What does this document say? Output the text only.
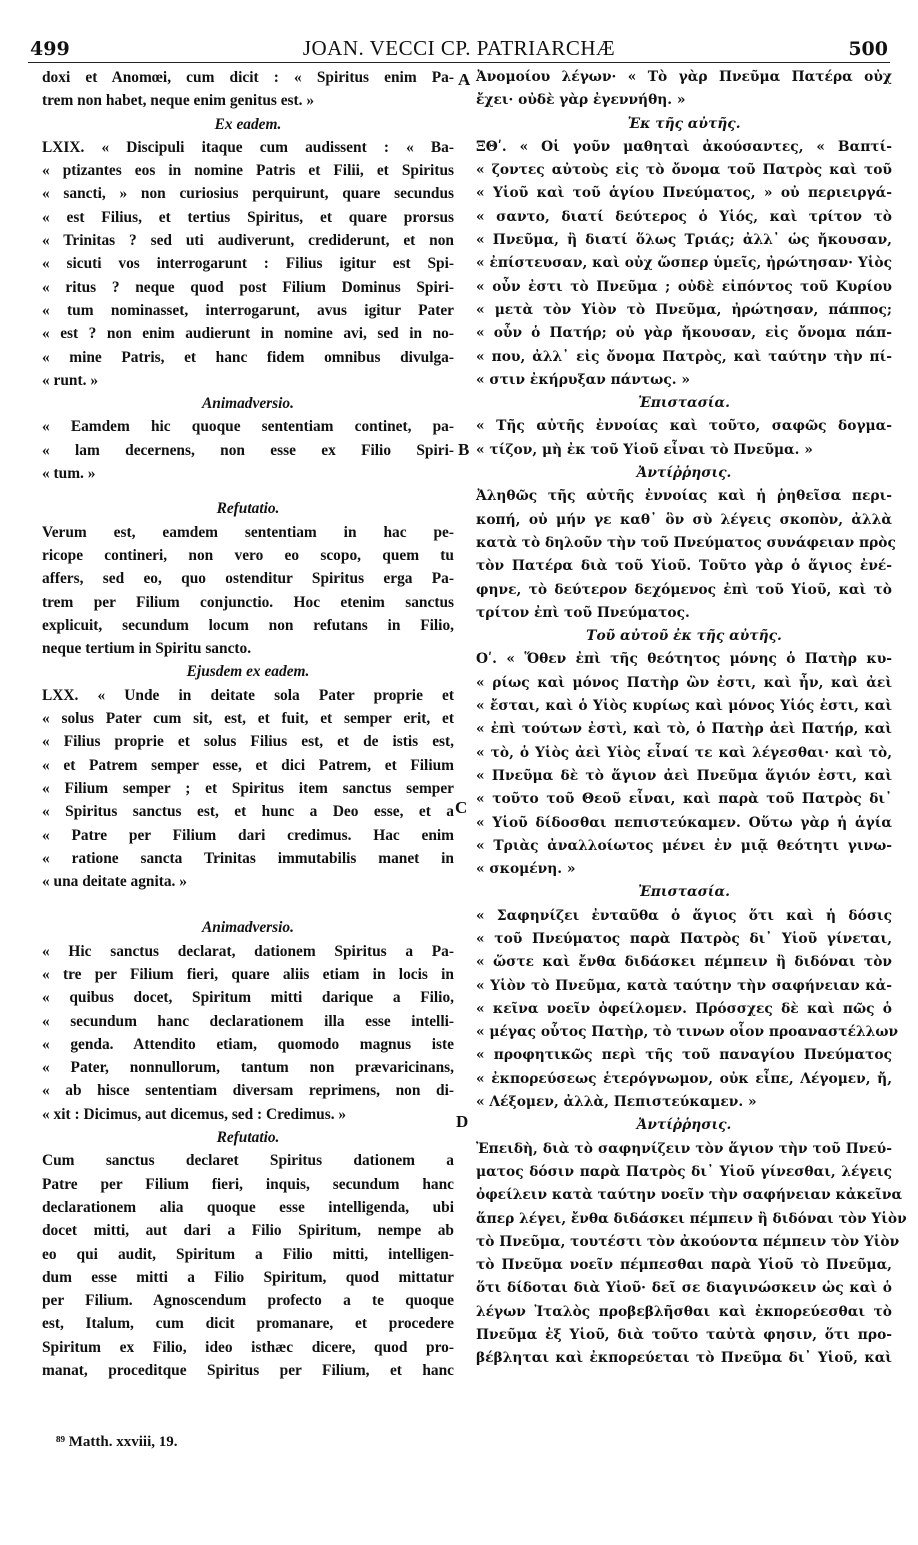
499	JOAN. VECCI CP. PATRIARCHÆ	500
doxi et Anomœi, cum dicit : « Spiritus enim Pa-
trem non habet, neque enim genitus est. »
Ex eadem.
LXIX. « Discipuli itaque cum audissent : « Ba-
« ptizantes eos in nomine Patris et Filii, et Spiritus
« sancti, » non curiosius perquirunt, quare secundus
« est Filius, et tertius Spiritus, et quare prorsus
« Trinitas ? sed uti audiverunt, crediderunt, et non
« sicuti vos interrogarunt : Filius igitur est Spi-
« ritus ? neque quod post Filium Dominus Spiri-
« tum nominasset, interrogarunt, avus igitur Pater
« est ? non enim audierunt in nomine avi, sed in no-
« mine Patris, et hanc fidem omnibus divulga-
« runt. »
Animadversio.
« Eamdem hic quoque sententiam continet, pa-
« lam decernens, non esse ex Filio Spiri-
« tum. »
Refutatio.
Verum est, eamdem sententiam in hac pe-
ricope contineri, non vero eo scopo, quem tu
affers, sed eo, quo ostenditur Spiritus erga Pa-
trem per Filium conjunctio. Hoc etenim sanctus
explicuit, secundum locum non refutans in Filio,
neque tertium in Spiritu sancto.
Ejusdem ex eadem.
LXX. « Unde in deitate sola Pater proprie et
« solus Pater cum sit, est, et fuit, et semper erit, et
« Filius proprie et solus Filius est, et de istis est,
« et Patrem semper esse, et dici Patrem, et Filium
« Filium semper ; et Spiritus item sanctus semper
« Spiritus sanctus est, et hunc a Deo esse, et a
« Patre per Filium dari credimus. Hac enim
« ratione sancta Trinitas immutabilis manet in
« una deitate agnita. »
Animadversio.
« Hic sanctus declarat, dationem Spiritus a Pa-
« tre per Filium fieri, quare aliis etiam in locis in
« quibus docet, Spiritum mitti darique a Filio,
« secundum hanc declarationem illa esse intelli-
« genda. Attendito etiam, quomodo magnus iste
« Pater, nonnullorum, tantum non prævaricinans,
« ab hisce sententiam diversam reprimens, non di-
« xit : Dicimus, aut dicemus, sed : Credimus. »
Refutatio.
Cum sanctus declaret Spiritus dationem a
Patre per Filium fieri, inquis, secundum hanc
declarationem alia quoque esse intelligenda, ubi
docet mitti, aut dari a Filio Spiritum, nempe ab
eo qui audit, Spiritum a Filio mitti, intelligen-
dum esse mitti a Filio Spiritum, quod mittatur
per Filium. Agnoscendum profecto a te quoque
est, Italum, cum dicit promanare, et procedere
Spiritum ex Filio, ideo isthæc dicere, quod pro-
manat, proceditque Spiritus per Filium, et hanc
Ἀνομοίου λέγων· « Τὸ γὰρ Πνεῦμα Πατέρα οὐχ
ἔχει· οὐδὲ γὰρ ἐγεννήθη. »
Ἐκ τῆς αὐτῆς.
ΞΘʹ. « Οἱ γοῦν μαθηταὶ ἀκούσαντες, « Βαπτί-
« ζοντες αὐτοὺς εἰς τὸ ὄνομα τοῦ Πατρὸς καὶ τοῦ
« Υἱοῦ καὶ τοῦ ἁγίου Πνεύματος, » οὐ περιειργά-
« σαντο, διατί δεύτερος ὁ Υἱός, καὶ τρίτον τὸ
« Πνεῦμα, ἢ διατί ὅλως Τριάς; ἀλλ᾽ ὡς ἤκουσαν,
« ἐπίστευσαν, καὶ οὐχ ὥσπερ ὑμεῖς, ἠρώτησαν· Υἱὸς
« οὖν ἐστι τὸ Πνεῦμα ; οὐδὲ εἰπόντος τοῦ Κυρίου
« μετὰ τὸν Υἱὸν τὸ Πνεῦμα, ἠρώτησαν, πάππος;
« οὖν ὁ Πατήρ; οὐ γὰρ ἤκουσαν, εἰς ὄνομα πάπ-
« που, ἀλλ᾽ εἰς ὄνομα Πατρὸς, καὶ ταύτην τὴν πί-
« στιν ἐκήρυξαν πάντως. »
Ἐπιστασία.
« Τῆς αὐτῆς ἐννοίας καὶ τοῦτο, σαφῶς δογμα-
« τίζον, μὴ ἐκ τοῦ Υἱοῦ εἶναι τὸ Πνεῦμα. »
Ἀντίῤῥησις.
Ἀληθῶς τῆς αὐτῆς ἐννοίας καὶ ἡ ῥηθεῖσα περι-
κοπή, οὐ μήν γε καθ᾽ ὃν σὺ λέγεις σκοπὸν, ἀλλὰ
κατὰ τὸ δηλοῦν τὴν τοῦ Πνεύματος συνάφειαν πρὸς
τὸν Πατέρα διὰ τοῦ Υἱοῦ. Τοῦτο γὰρ ὁ ἅγιος ἐνέ-
φηνε, τὸ δεύτερον δεχόμενος ἐπὶ τοῦ Υἱοῦ, καὶ τὸ
τρίτον ἐπὶ τοῦ Πνεύματος.
Τοῦ αὐτοῦ ἐκ τῆς αὐτῆς.
Οʹ. « Ὅθεν ἐπὶ τῆς θεότητος μόνης ὁ Πατὴρ κυ-
« ρίως καὶ μόνος Πατὴρ ὢν ἐστι, καὶ ἦν, καὶ ἀεὶ
« ἔσται, καὶ ὁ Υἱὸς κυρίως καὶ μόνος Υἱός ἐστι, καὶ
« ἐπὶ τούτων ἐστὶ, καὶ τὸ, ὁ Πατὴρ ἀεὶ Πατήρ, καὶ
« τὸ, ὁ Υἱὸς ἀεὶ Υἱὸς εἶναί τε καὶ λέγεσθαι· καὶ τὸ,
« Πνεῦμα δὲ τὸ ἅγιον ἀεὶ Πνεῦμα ἅγιόν ἐστι, καὶ
« τοῦτο τοῦ Θεοῦ εἶναι, καὶ παρὰ τοῦ Πατρὸς δι᾽
« Υἱοῦ δίδοσθαι πεπιστεύκαμεν. Οὕτω γὰρ ἡ ἁγία
« Τριὰς ἀναλλοίωτος μένει ἐν μιᾷ θεότητι γινω-
« σκομένη. »
Ἐπιστασία.
« Σαφηνίζει ἐνταῦθα ὁ ἅγιος ὅτι καὶ ἡ δόσις
« τοῦ Πνεύματος παρὰ Πατρὸς δι᾽ Υἱοῦ γίνεται,
« ὥστε καὶ ἔνθα διδάσκει πέμπειν ἢ διδόναι τὸν
« Υἱὸν τὸ Πνεῦμα, κατὰ ταύτην τὴν σαφήνειαν κἀ-
« κεῖνα νοεῖν ὀφείλομεν. Πρόσσχες δὲ καὶ πῶς ὁ
« μέγας οὗτος Πατὴρ, τὸ τινων οἷον προαναστέλλων
« προφητικῶς περὶ τῆς τοῦ παναγίου Πνεύματος
« ἐκπορεύσεως ἑτερόγνωμον, οὐκ εἶπε, Λέγομεν, ἤ,
« Λέξομεν, ἀλλὰ, Πεπιστεύκαμεν. »
Ἀντίῤῥησις.
Ἐπειδὴ, διὰ τὸ σαφηνίζειν τὸν ἅγιον τὴν τοῦ Πνεύ-
ματος δόσιν παρὰ Πατρὸς δι᾽ Υἱοῦ γίνεσθαι, λέγεις
ὀφείλειν κατὰ ταύτην νοεῖν τὴν σαφήνειαν κἀκεῖνα
ἅπερ λέγει, ἔνθα διδάσκει πέμπειν ἢ διδόναι τὸν Υἱὸν
τὸ Πνεῦμα, τουτέστι τὸν ἀκούοντα πέμπειν τὸν Υἱὸν
τὸ Πνεῦμα νοεῖν πέμπεσθαι παρὰ Υἱοῦ τὸ Πνεῦμα,
ὅτι δίδοται διὰ Υἱοῦ· δεῖ σε διαγινώσκειν ὡς καὶ ὁ
λέγων Ἰταλὸς προβεβλῆσθαι καὶ ἐκπορεύεσθαι τὸ
Πνεῦμα ἐξ Υἱοῦ, διὰ τοῦτο ταὐτὰ φησιν, ὅτι προ-
βέβληται καὶ ἐκπορεύεται τὸ Πνεῦμα δι᾽ Υἱοῦ, καὶ
A
B
C
D
⁸⁹ Matth. xxviii, 19.
